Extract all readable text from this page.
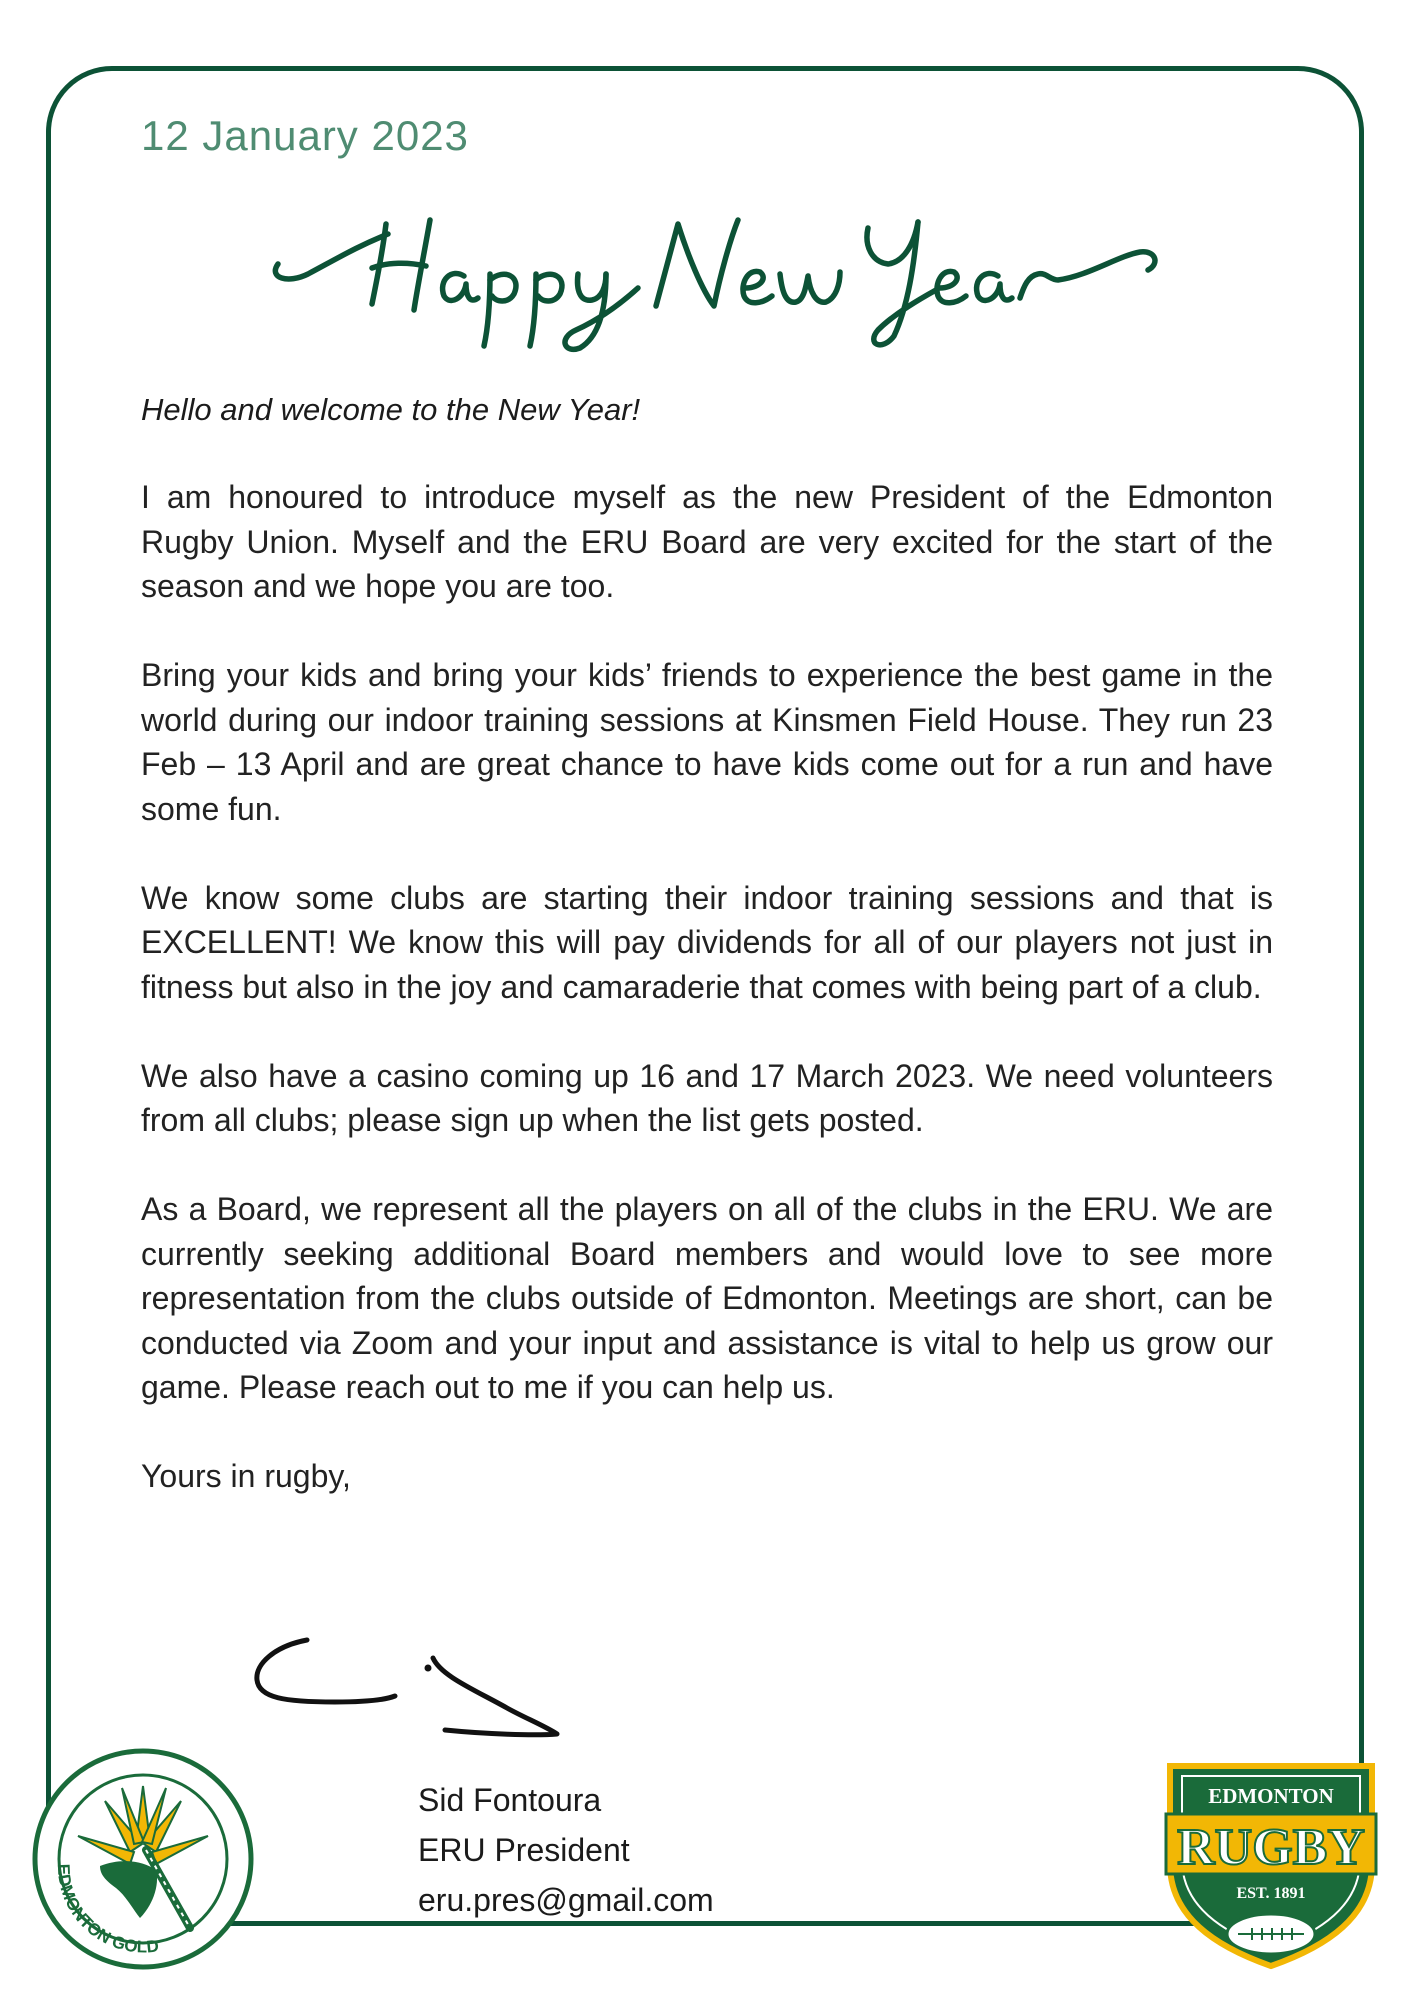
12 January 2023
Happy New Year
Hello and welcome to the New Year!

I am honoured to introduce myself as the new President of the Edmonton Rugby Union. Myself and the ERU Board are very excited for the start of the season and we hope you are too.

Bring your kids and bring your kids’ friends to experience the best game in the world during our indoor training sessions at Kinsmen Field House. They run 23 Feb – 13 April and are great chance to have kids come out for a run and have some fun.

We know some clubs are starting their indoor training sessions and that is EXCELLENT! We know this will pay dividends for all of our players not just in fitness but also in the joy and camaraderie that comes with being part of a club.

We also have a casino coming up 16 and 17 March 2023. We need volunteers from all clubs; please sign up when the list gets posted.

As a Board, we represent all the players on all of the clubs in the ERU. We are currently seeking additional Board members and would love to see more representation from the clubs outside of Edmonton. Meetings are short, can be conducted via Zoom and your input and assistance is vital to help us grow our game. Please reach out to me if you can help us.

Yours in rugby,

Sid Fontoura
ERU President
eru.pres@gmail.com
EDMONTON GOLD
EDMONTON
RUGBY
EST. 1891
